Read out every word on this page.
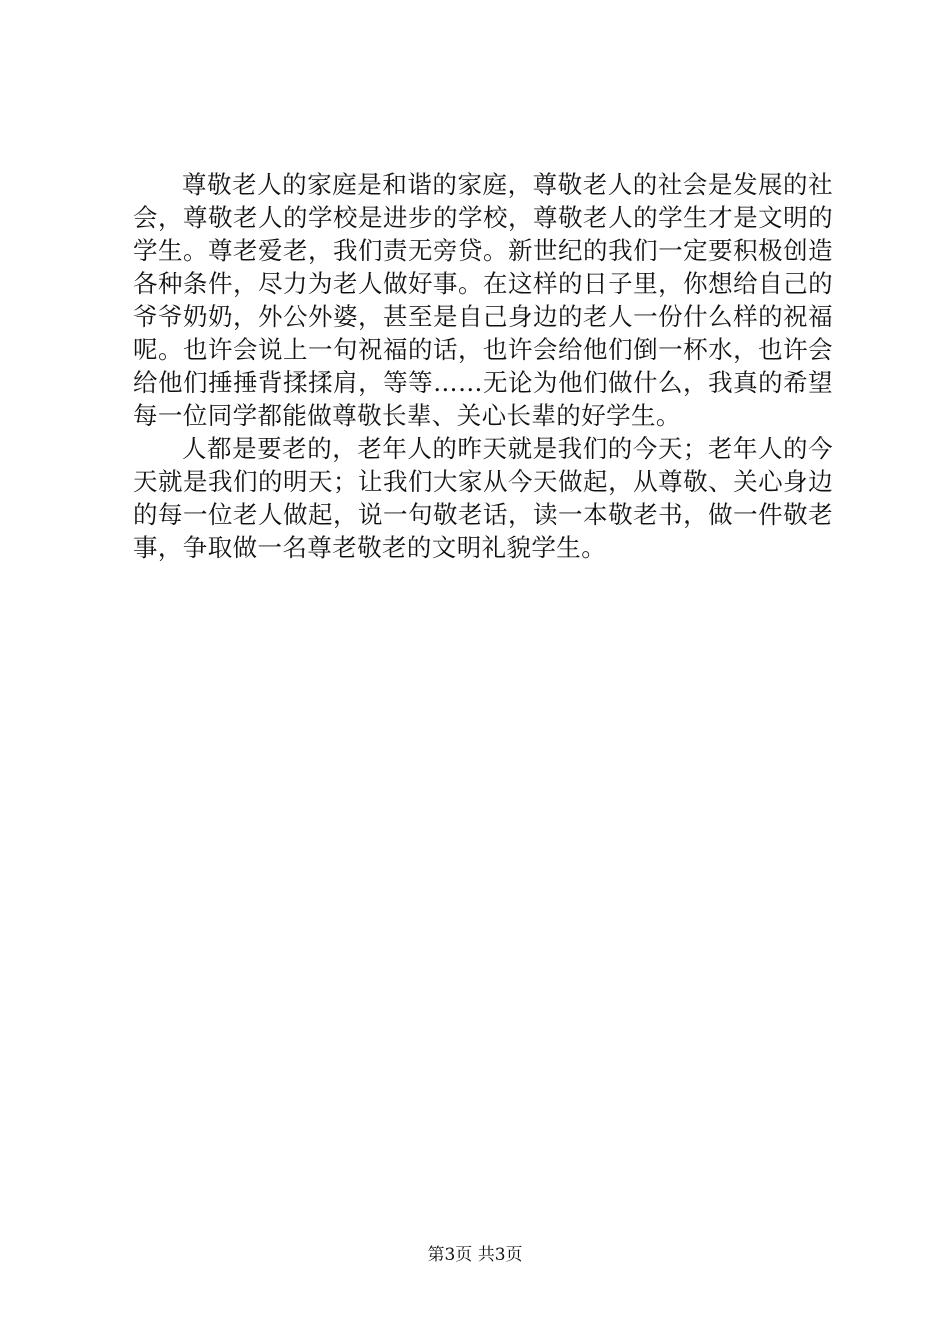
尊敬老人的家庭是和谐的家庭，尊敬老人的社会是发展的社会，尊敬老人的学校是进步的学校，尊敬老人的学生才是文明的学生。尊老爱老，我们责无旁贷。新世纪的我们一定要积极创造各种条件，尽力为老人做好事。在这样的日子里，你想给自己的爷爷奶奶，外公外婆，甚至是自己身边的老人一份什么样的祝福呢。也许会说上一句祝福的话，也许会给他们倒一杯水，也许会给他们捶捶背揉揉肩，等等……无论为他们做什么，我真的希望每一位同学都能做尊敬长辈、关心长辈的好学生。

人都是要老的，老年人的昨天就是我们的今天；老年人的今天就是我们的明天；让我们大家从今天做起，从尊敬、关心身边的每一位老人做起，说一句敬老话，读一本敬老书，做一件敬老事，争取做一名尊老敬老的文明礼貌学生。

第3页 共3页
